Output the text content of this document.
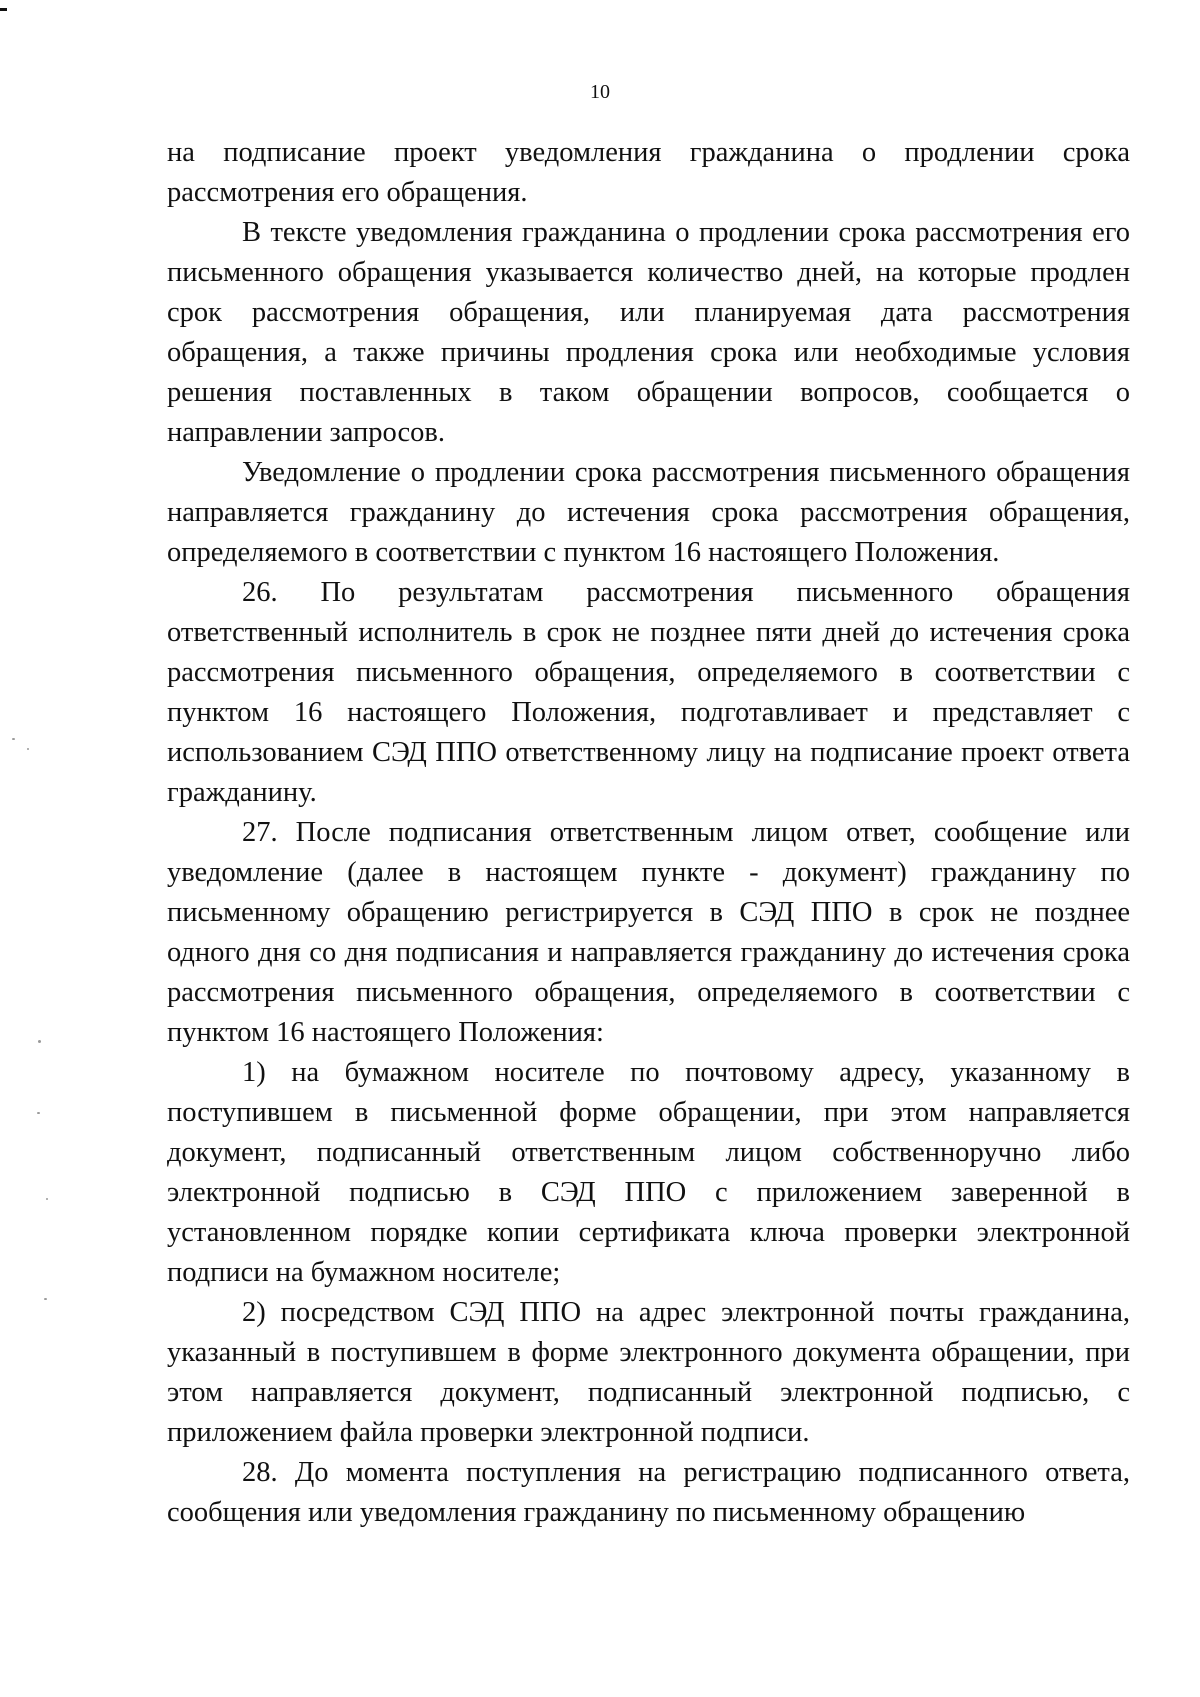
10

на подписание проект уведомления гражданина о продлении срока рассмотрения его обращения.

В тексте уведомления гражданина о продлении срока рассмотрения его письменного обращения указывается количество дней, на которые продлен срок рассмотрения обращения, или планируемая дата рассмотрения обращения, а также причины продления срока или необходимые условия решения поставленных в таком обращении вопросов, сообщается о направлении запросов.

Уведомление о продлении срока рассмотрения письменного обращения направляется гражданину до истечения срока рассмотрения обращения, определяемого в соответствии с пунктом 16 настоящего Положения.

26. По результатам рассмотрения письменного обращения ответственный исполнитель в срок не позднее пяти дней до истечения срока рассмотрения письменного обращения, определяемого в соответствии с пунктом 16 настоящего Положения, подготавливает и представляет с использованием СЭД ППО ответственному лицу на подписание проект ответа гражданину.

27. После подписания ответственным лицом ответ, сообщение или уведомление (далее в настоящем пункте - документ) гражданину по письменному обращению регистрируется в СЭД ППО в срок не позднее одного дня со дня подписания и направляется гражданину до истечения срока рассмотрения письменного обращения, определяемого в соответствии с пунктом 16 настоящего Положения:

1) на бумажном носителе по почтовому адресу, указанному в поступившем в письменной форме обращении, при этом направляется документ, подписанный ответственным лицом собственноручно либо электронной подписью в СЭД ППО с приложением заверенной в установленном порядке копии сертификата ключа проверки электронной подписи на бумажном носителе;

2) посредством СЭД ППО на адрес электронной почты гражданина, указанный в поступившем в форме электронного документа обращении, при этом направляется документ, подписанный электронной подписью, с приложением файла проверки электронной подписи.

28. До момента поступления на регистрацию подписанного ответа, сообщения или уведомления гражданину по письменному обращению
